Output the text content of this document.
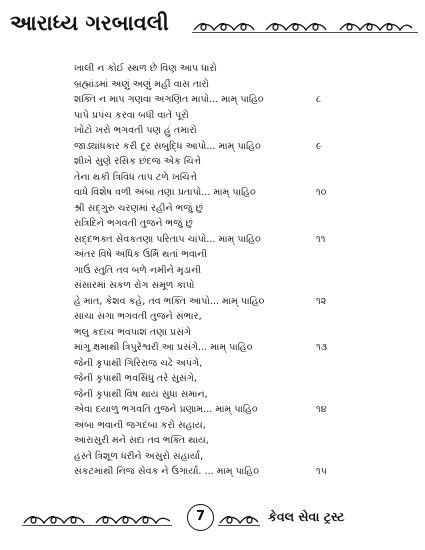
આરાધ્ય ગરબાવલી
ખાલી ન કોઈ સ્થળ છે વિણ આપ ધારો
બ્રહ્માંડમાં અણું અણું મહીં વાસ તારો
શક્તિ ન માપ ગણવા અગણિત માપો... મામ્ પાહિ૦	૮
પાપે પ્રપંચ કરવા બધી વાતે પૂરો
ખોટો ખરો ભગવતી પણ હું તમારો
જાડ્યાંધકાર કરી દૂર સબુદ્ધિ આપો... મામ્ પાહિ૦	૯
શીખે સુણે રસિક છંદજ એક ચિત્તે
તેના થકી ત્રિવિધ તાપ ટળે ખચિત્તે
વાધે વિશેષ વળી અંબા તણા પ્રતાપો... મામ્ પાહિ૦	૧૦
શ્રી સદ્‌ગુરુ ચરણમાં રહીને ભજું છું
રાત્રિદિને ભગવતી તુજને ભજું છું
સદ્દભક્ત સેવકતણા પરિતાપ ચાંપો... મામ્ પાહિ૦	૧૧
અંતર વિષે અધિક ઉર્મિ થતાં ભવાની
ગાઉં સ્તુતિ તવ બળે નમીને મૃડાની
સંસારમાં સકળ રોગ સમૂળ કાપો
હે માત, કેશવ કહે, તવ ભક્તિ આપો... મામ્ પાહિ૦	૧૨
સાચા સગા ભગવતી તુજને સંભાર,
ભલુ કદાચ ભવપાશ તણા પ્રસંગે
માંગુ ક્ષમાથી ત્રિપુરેશ્વરી આ પ્રસંગે... મામ્ પાહિ૦	૧૩
જેની કૃપાથી ગિરિરાજ ચઢે અપંગે,
જેની કૃપાથી ભવસિંધુ તરે સુસંગે,
જેની કૃપાથી વિષ થાય સુધા સમાન,
એવા દયાળુ ભગવતિ તુજને પ્રણામ... મામ્ પાહિ૦	૧૪
અંબા ભવાની જગદંબા કરો સહાય,
આરાસુરી મને સદા તવ ભક્તિ થાય,
હસ્તે ત્રિશૂળ ધરીને અસુરો સંહાર્યા,
સંકટમાંથી નિજ સેવક ને ઉગાર્યા. ... મામ્ પાહિ૦	૧૫
7	કેવલ સેવા ટ્રસ્ટ
